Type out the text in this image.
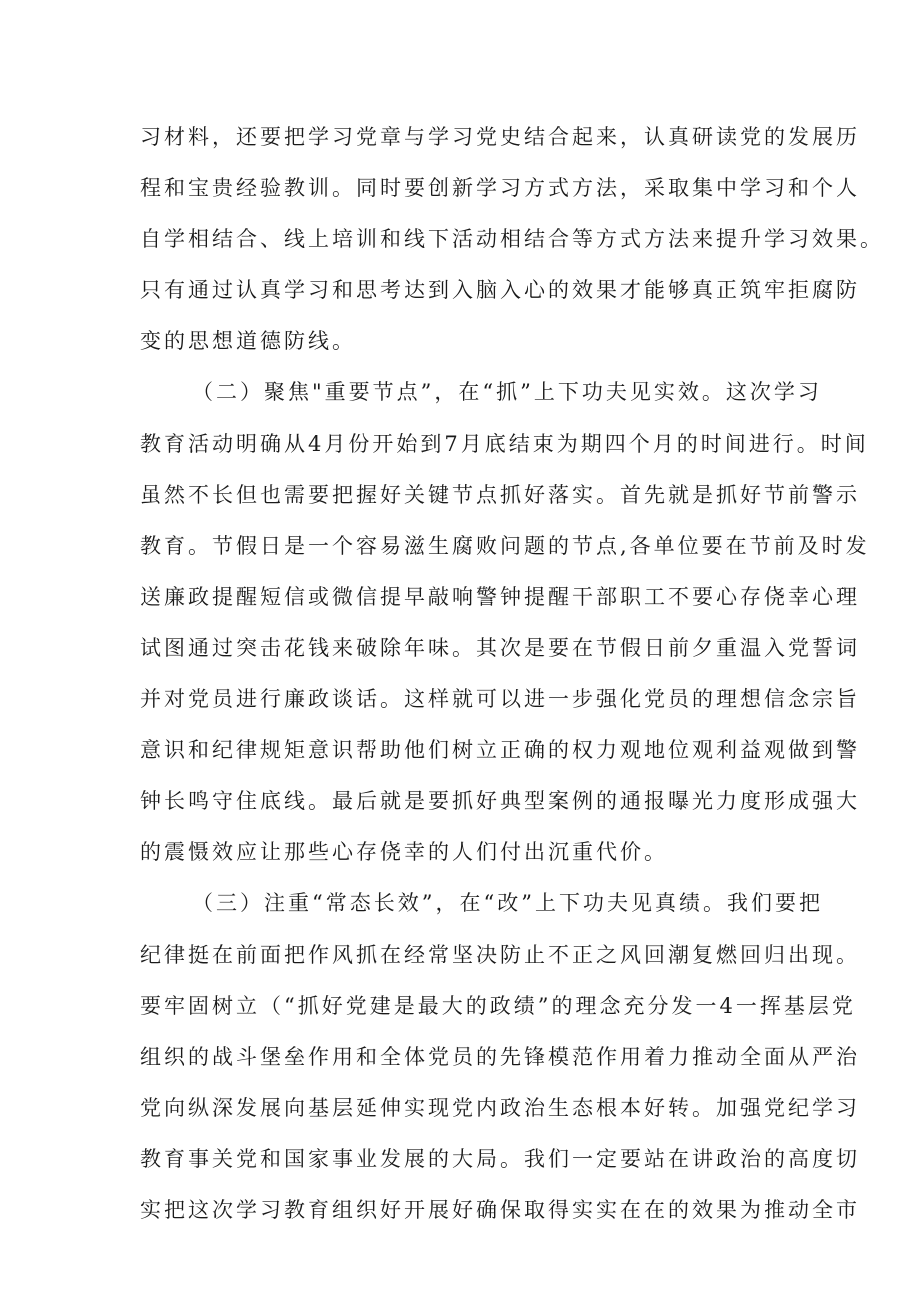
习材料，还要把学习党章与学习党史结合起来，认真研读党的发展历
程和宝贵经验教训。同时要创新学习方式方法，采取集中学习和个人
自学相结合、线上培训和线下活动相结合等方式方法来提升学习效果。
只有通过认真学习和思考达到入脑入心的效果才能够真正筑牢拒腐防
变的思想道德防线。
（二）聚焦"重要节点”，在“抓”上下功夫见实效。这次学习
教育活动明确从4月份开始到7月底结束为期四个月的时间进行。时间
虽然不长但也需要把握好关键节点抓好落实。首先就是抓好节前警示
教育。节假日是一个容易滋生腐败问题的节点,各单位要在节前及时发
送廉政提醒短信或微信提早敲响警钟提醒干部职工不要心存侥幸心理
试图通过突击花钱来破除年味。其次是要在节假日前夕重温入党誓词
并对党员进行廉政谈话。这样就可以进一步强化党员的理想信念宗旨
意识和纪律规矩意识帮助他们树立正确的权力观地位观利益观做到警
钟长鸣守住底线。最后就是要抓好典型案例的通报曝光力度形成强大
的震慑效应让那些心存侥幸的人们付出沉重代价。
（三）注重“常态长效”，在“改”上下功夫见真绩。我们要把
纪律挺在前面把作风抓在经常坚决防止不正之风回潮复燃回归出现。
要牢固树立（“抓好党建是最大的政绩”的理念充分发一4一挥基层党
组织的战斗堡垒作用和全体党员的先锋模范作用着力推动全面从严治
党向纵深发展向基层延伸实现党内政治生态根本好转。加强党纪学习
教育事关党和国家事业发展的大局。我们一定要站在讲政治的高度切
实把这次学习教育组织好开展好确保取得实实在在的效果为推动全市
